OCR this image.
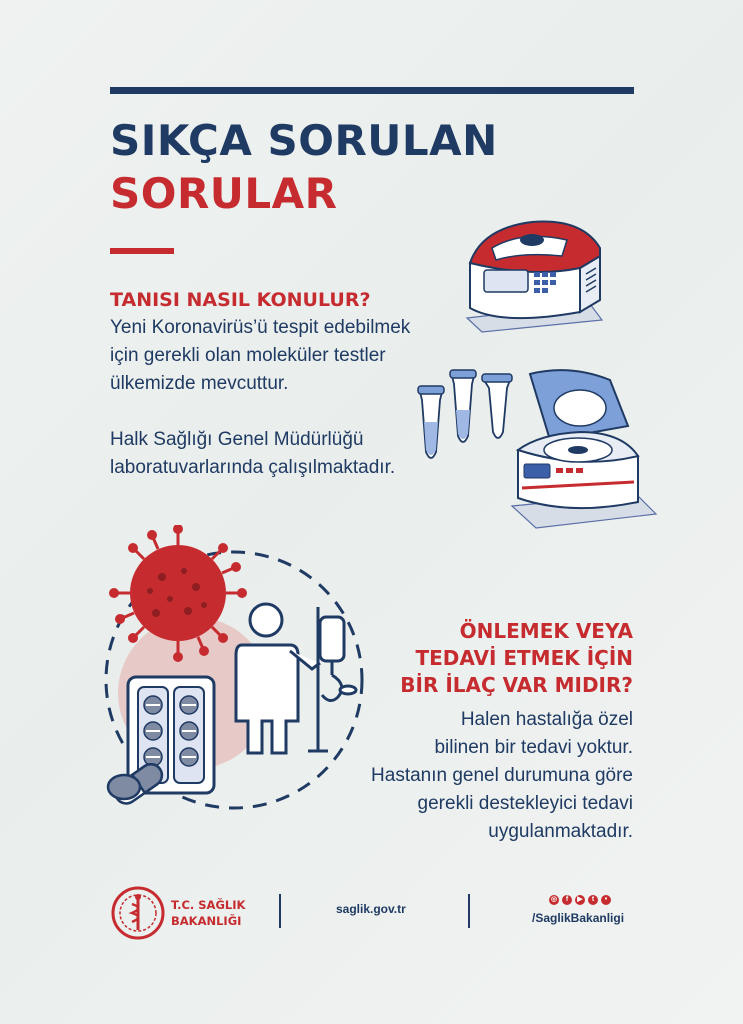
SIKÇA SORULAN
SORULAR
TANISI NASIL KONULUR?

Yeni Koronavirüs’ü tespit edebilmek
için gerekli olan moleküler testler
ülkemizde mevcuttur.
Halk Sağlığı Genel Müdürlüğü
laboratuvarlarında çalışılmaktadır.

ÖNLEMEK VEYA
TEDAVİ ETMEK İÇİN
BİR İLAÇ VAR MIDIR?

Halen hastalığa özel
bilinen bir tedavi yoktur.
Hastanın genel durumuna göre
gerekli destekleyici tedavi
uygulanmaktadır.

T.C. SAĞLIK
BAKANLIĞI

saglik.gov.tr
◎	f	▶	t	•
/SaglikBakanligi
